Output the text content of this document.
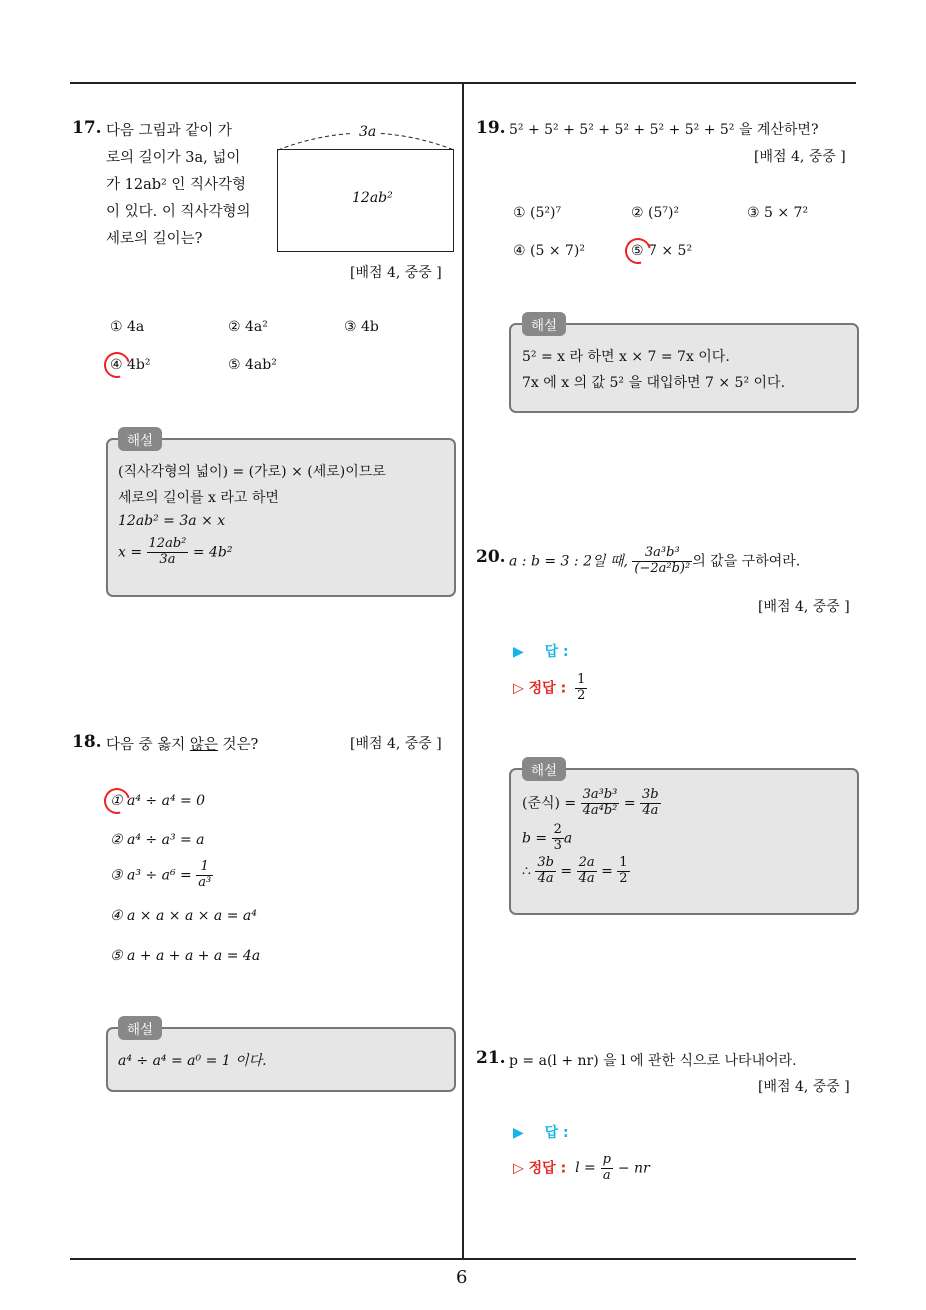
17. 다음 그림과 같이 가
로의 길이가 3a, 넓이
가 12ab² 인 직사각형
이 있다. 이 직사각형의
세로의 길이는?
3a
12ab²
[배점 4, 중중 ]
① 4a	② 4a²	③ 4b
④ 4b²	⑤ 4ab²
해설
(직사각형의 넓이) = (가로) × (세로)이므로
세로의 길이를 x 라고 하면
12ab² = 3a × x
$x = \frac{\text{12ab²}}{3a} = 4b^2$
18. 다음 중 옳지 않은 것은?	[배점 4, 중중 ]
① a⁴ ÷ a⁴ = 0
② a⁴ ÷ a³ = a
③ $a^3 \div a^6 = \frac{1}{\text{a³}}$
④ a × a × a × a = a⁴
⑤ a + a + a + a = 4a
해설
a⁴ ÷ a⁴ = a⁰ = 1 이다.
19. 5² + 5² + 5² + 5² + 5² + 5² + 5² 을 계산하면?
[배점 4, 중중 ]
① (5²)⁷	② (5⁷)²	③ 5 × 7²
④ (5 × 7)²	⑤ 7 × 5²
해설
5² = x 라 하면 x × 7 = 7x 이다.
7x 에 x 의 값 5² 을 대입하면 7 × 5² 이다.
20. a : b = 3 : 2일 때, $\frac{\text{3a³b³}}{\text{(−2a²b)²}}$ 의 값을 구하여라.
[배점 4, 중중 ]
▶ 답 :
▷ 정답 : $\frac{1}{2}$
해설
(준식) = $\frac{\text{3a³b³}}{\text{4a⁴b²}} = \frac{3b}{4a}$
$b = \frac{2}{3}$ a
∴ $\frac{3b}{4a} = \frac{2a}{4a} = \frac{1}{2}$
21. p = a(l + nr) 을 l 에 관한 식으로 나타내어라.
[배점 4, 중중 ]
▶ 답 :
▷ 정답 : $l = \frac{p}{a}$ − nr
6
